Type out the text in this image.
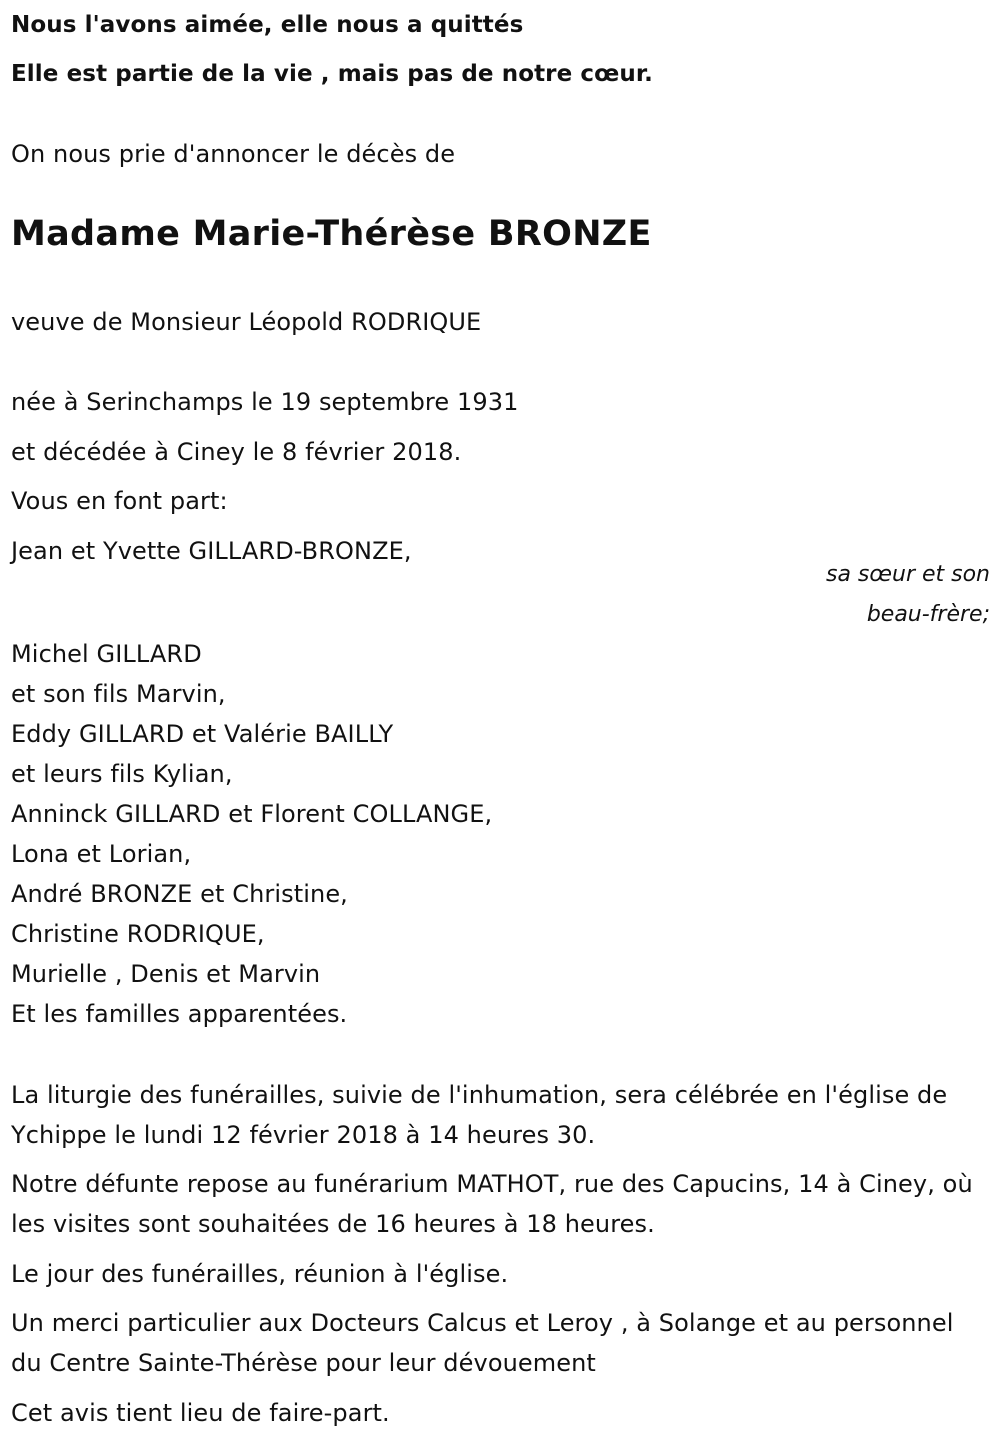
Nous l'avons aimée, elle nous a quittés
Elle est partie de la vie , mais pas de notre cœur.
On nous prie d'annoncer le décès de
Madame Marie-Thérèse BRONZE
veuve de Monsieur Léopold RODRIQUE
née à Serinchamps le 19 septembre 1931
et décédée à Ciney le 8 février 2018.
Vous en font part:
Jean et Yvette GILLARD-BRONZE,
sa sœur et son
beau-frère;
Michel GILLARD
et son fils Marvin,
Eddy GILLARD et Valérie BAILLY
et leurs fils Kylian,
Anninck GILLARD et Florent COLLANGE,
Lona et Lorian,
André BRONZE et Christine,
Christine RODRIQUE,
Murielle , Denis et Marvin
Et les familles apparentées.
La liturgie des funérailles, suivie de l'inhumation, sera célébrée en l'église de Ychippe le lundi 12 février 2018 à 14 heures 30.
Notre défunte repose au funérarium MATHOT, rue des Capucins, 14 à Ciney, où les visites sont souhaitées de 16 heures à 18 heures.
Le jour des funérailles, réunion à l'église.
Un merci particulier aux Docteurs Calcus et Leroy , à Solange et au personnel du Centre Sainte-Thérèse pour leur dévouement
Cet avis tient lieu de faire-part.
